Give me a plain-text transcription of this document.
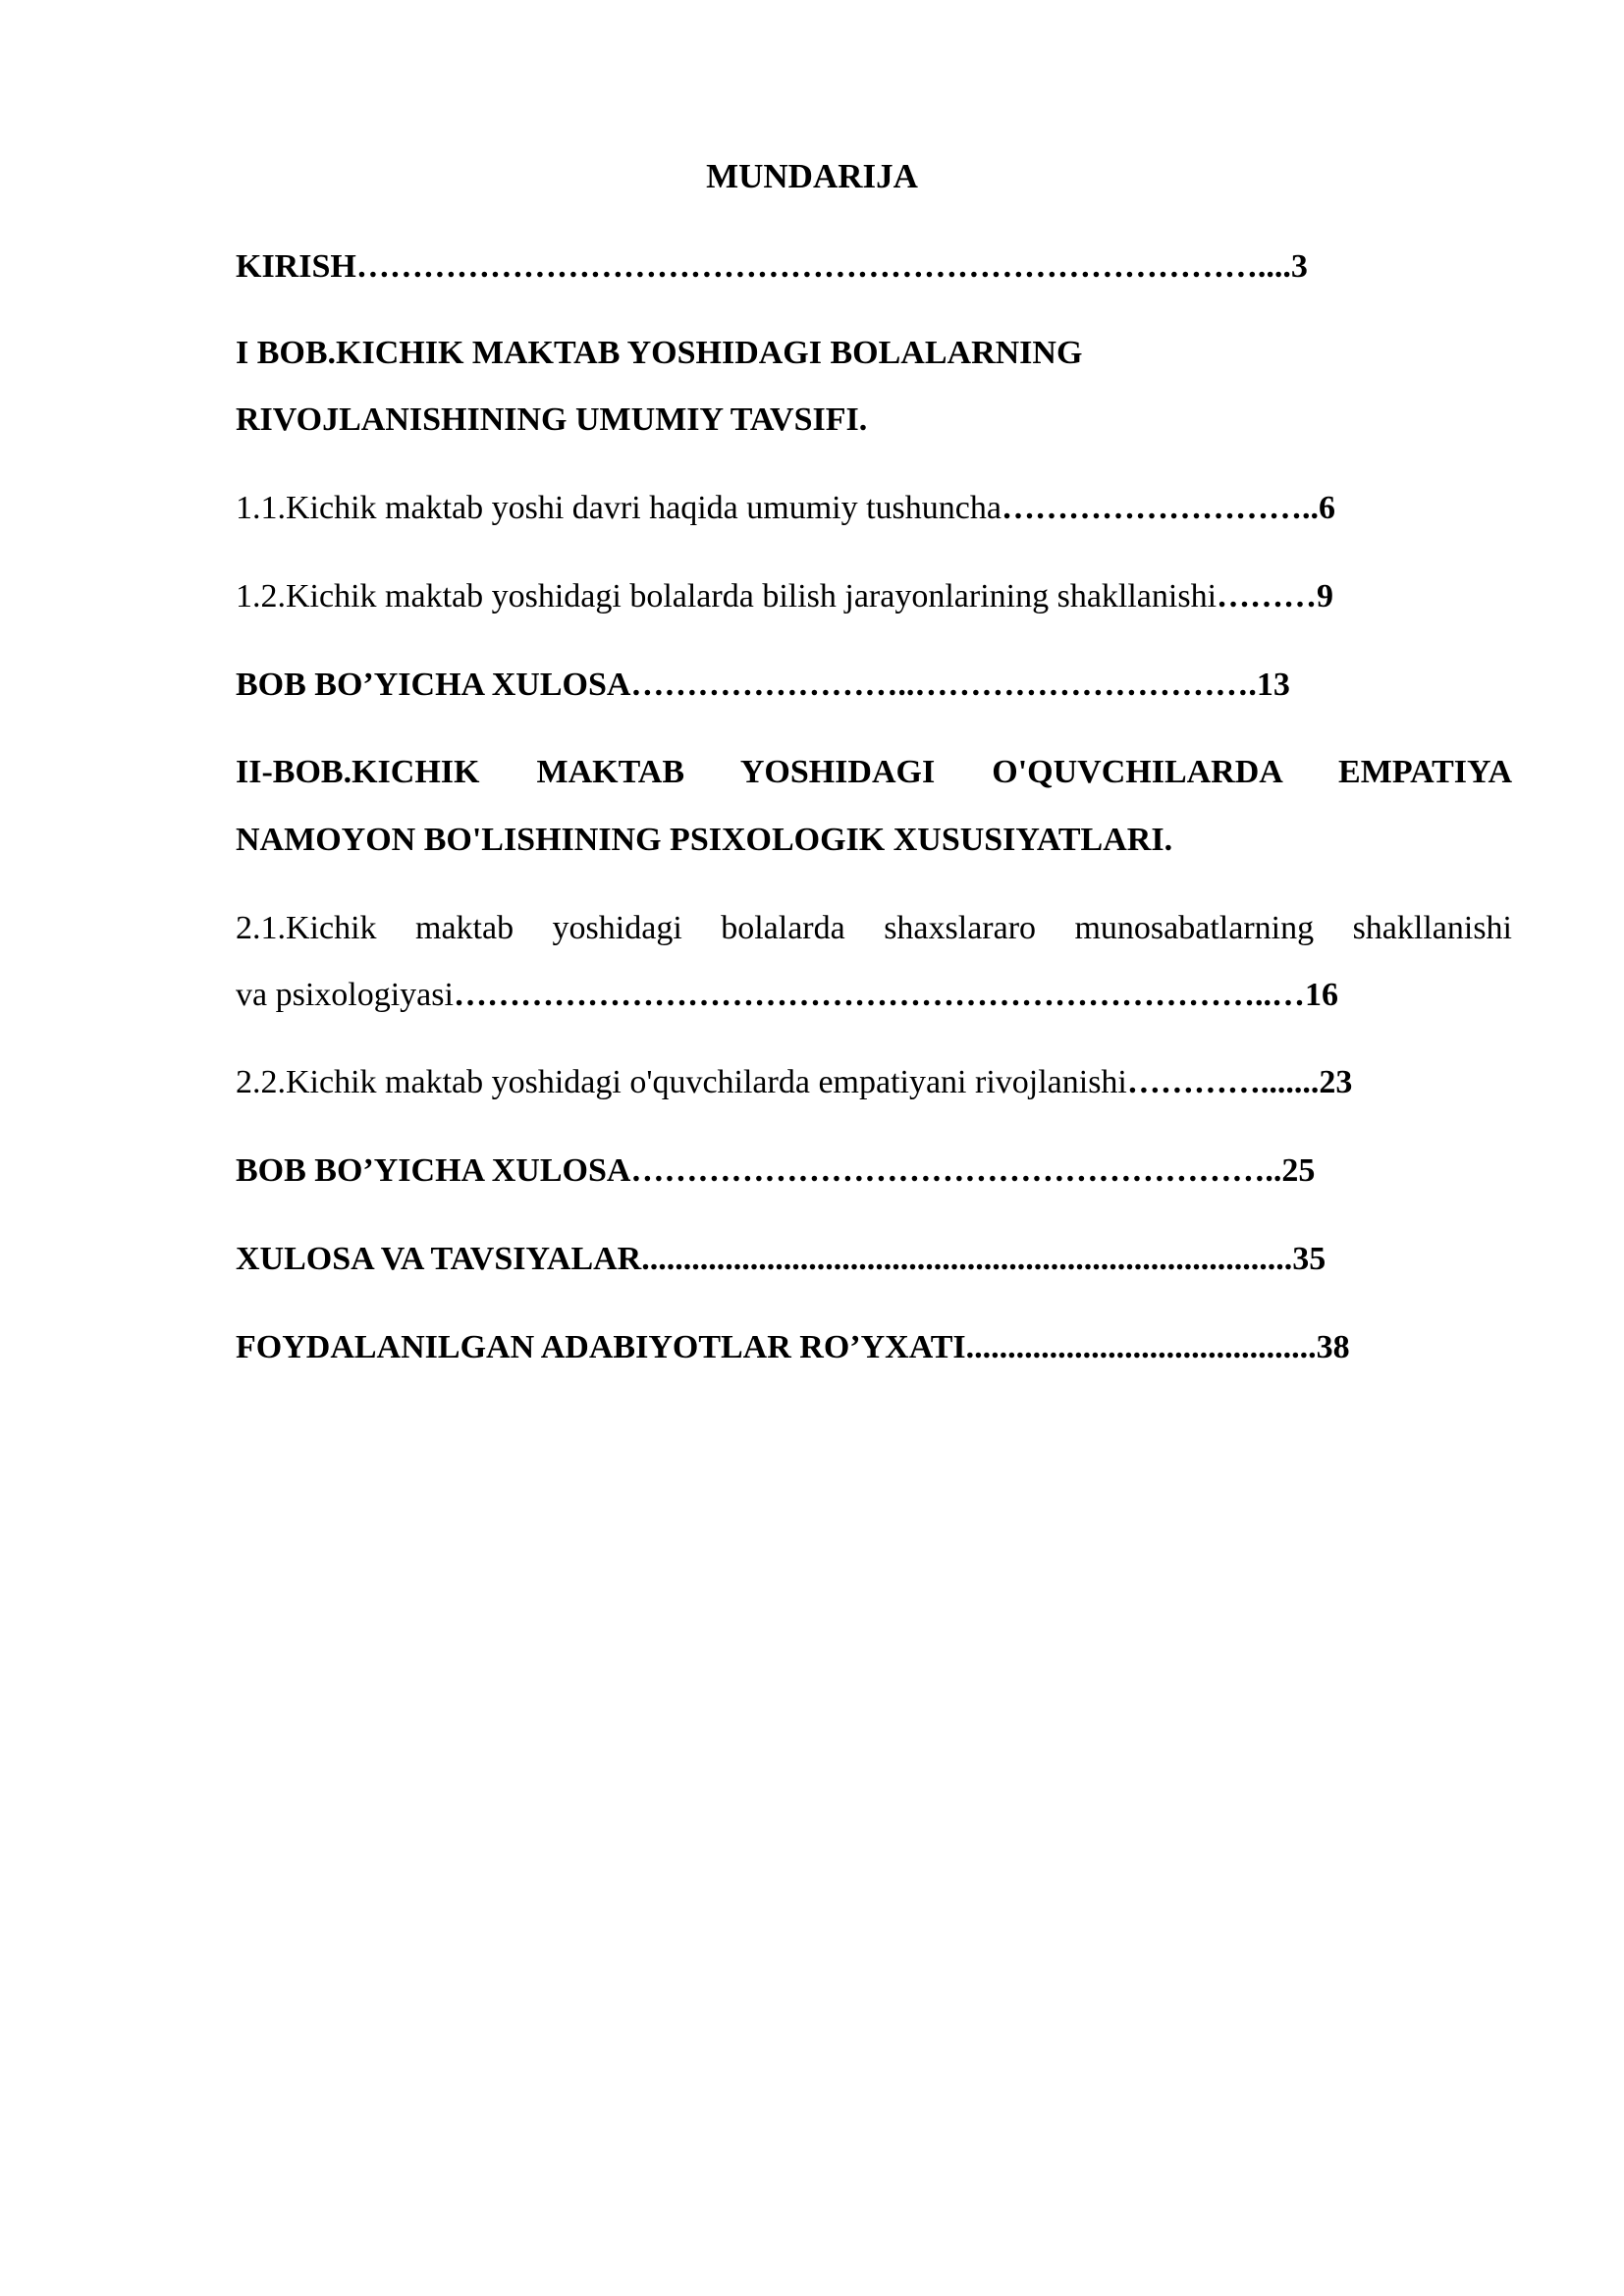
MUNDARIJA
KIRISH………………………………………………………………………....3
I BOB.KICHIK MAKTAB YOSHIDAGI BOLALARNING
RIVOJLANISHINING UMUMIY TAVSIFI.
1.1.Kichik maktab yoshi davri haqida umumiy tushuncha………………………..6
1.2.Kichik maktab yoshidagi bolalarda bilish jarayonlarining shakllanishi………9
BOB BO’YICHA XULOSA……………………..………………………….13
II-BOB.KICHIK MAKTAB YOSHIDAGI O'QUVCHILARDA EMPATIYA
NAMOYON BO'LISHINING PSIXOLOGIK XUSUSIYATLARI.
2.1.Kichik maktab yoshidagi bolalarda shaxslararo munosabatlarning shakllanishi
va psixologiyasi………………………………………………………………..…16
2.2.Kichik maktab yoshidagi o'quvchilarda empatiyani rivojlanishi………….......23
BOB BO’YICHA XULOSA…………………………………………………..25
XULOSA VA TAVSIYALAR..............................................................................35
FOYDALANILGAN ADABIYOTLAR RO’YXATI..........................................38
